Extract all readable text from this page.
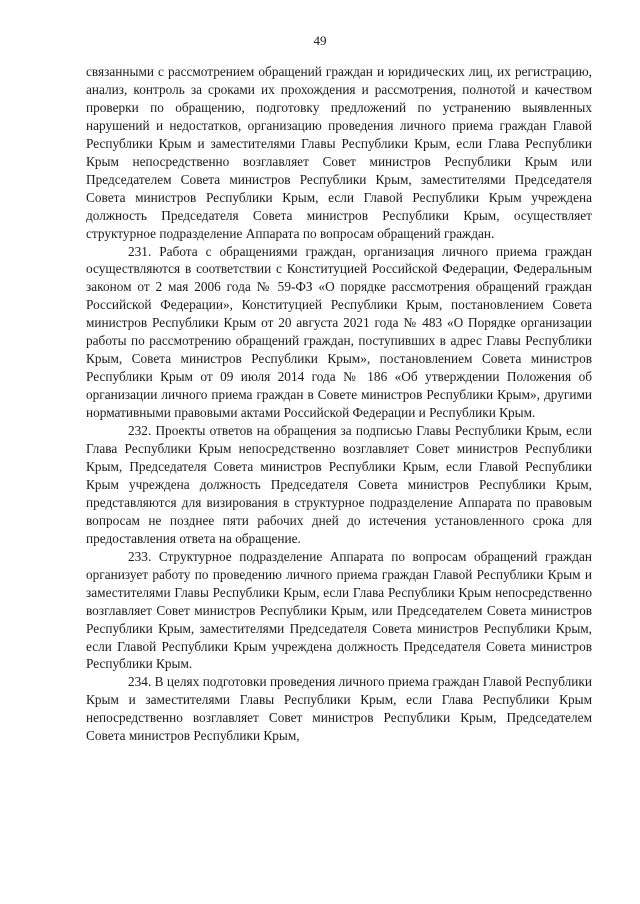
49

связанными с рассмотрением обращений граждан и юридических лиц, их регистрацию, анализ, контроль за сроками их прохождения и рассмотрения, полнотой и качеством проверки по обращению, подготовку предложений по устранению выявленных нарушений и недостатков, организацию проведения личного приема граждан Главой Республики Крым и заместителями Главы Республики Крым, если Глава Республики Крым непосредственно возглавляет Совет министров Республики Крым или Председателем Совета министров Республики Крым, заместителями Председателя Совета министров Республики Крым, если Главой Республики Крым учреждена должность Председателя Совета министров Республики Крым, осуществляет структурное подразделение Аппарата по вопросам обращений граждан.

231. Работа с обращениями граждан, организация личного приема граждан осуществляются в соответствии с Конституцией Российской Федерации, Федеральным законом от 2 мая 2006 года № 59-ФЗ «О порядке рассмотрения обращений граждан Российской Федерации», Конституцией Республики Крым, постановлением Совета министров Республики Крым от 20 августа 2021 года № 483 «О Порядке организации работы по рассмотрению обращений граждан, поступивших в адрес Главы Республики Крым, Совета министров Республики Крым», постановлением Совета министров Республики Крым от 09 июля 2014 года № 186 «Об утверждении Положения об организации личного приема граждан в Совете министров Республики Крым», другими нормативными правовыми актами Российской Федерации и Республики Крым.

232. Проекты ответов на обращения за подписью Главы Республики Крым, если Глава Республики Крым непосредственно возглавляет Совет министров Республики Крым, Председателя Совета министров Республики Крым, если Главой Республики Крым учреждена должность Председателя Совета министров Республики Крым, представляются для визирования в структурное подразделение Аппарата по правовым вопросам не позднее пяти рабочих дней до истечения установленного срока для предоставления ответа на обращение.

233. Структурное подразделение Аппарата по вопросам обращений граждан организует работу по проведению личного приема граждан Главой Республики Крым и заместителями Главы Республики Крым, если Глава Республики Крым непосредственно возглавляет Совет министров Республики Крым, или Председателем Совета министров Республики Крым, заместителями Председателя Совета министров Республики Крым, если Главой Республики Крым учреждена должность Председателя Совета министров Республики Крым.

234. В целях подготовки проведения личного приема граждан Главой Республики Крым и заместителями Главы Республики Крым, если Глава Республики Крым непосредственно возглавляет Совет министров Республики Крым, Председателем Совета министров Республики Крым,
